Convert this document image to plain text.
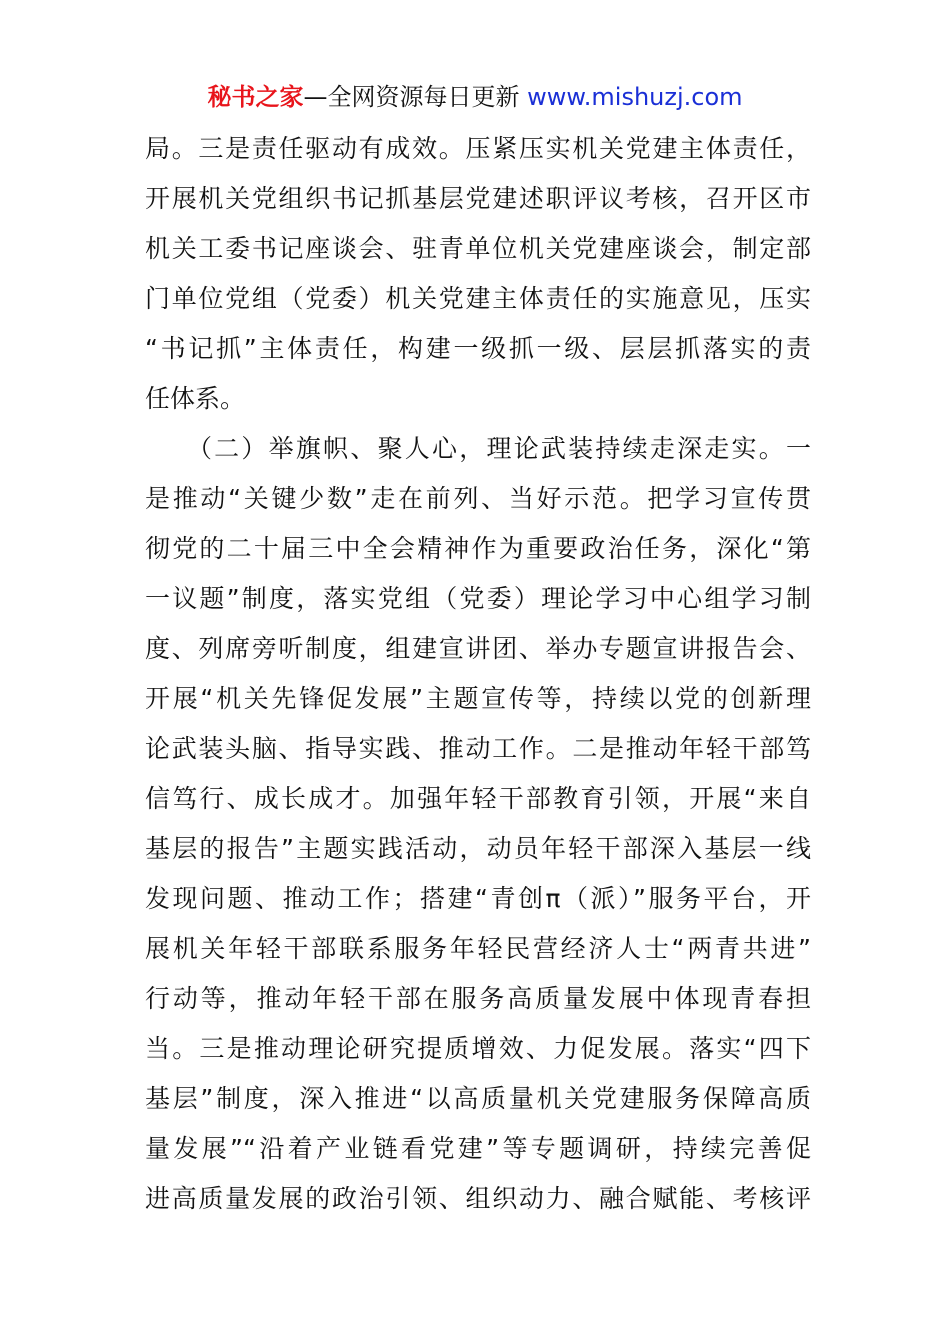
秘书之家—全网资源每日更新 www.mishuzj.com
局。三是责任驱动有成效。压紧压实机关党建主体责任，
开展机关党组织书记抓基层党建述职评议考核，召开区市
机关工委书记座谈会、驻青单位机关党建座谈会，制定部
门单位党组（党委）机关党建主体责任的实施意见，压实
“书记抓”主体责任，构建一级抓一级、层层抓落实的责
任体系。
　　（二）举旗帜、聚人心，理论武装持续走深走实。一
是推动“关键少数”走在前列、当好示范。把学习宣传贯
彻党的二十届三中全会精神作为重要政治任务，深化“第
一议题”制度，落实党组（党委）理论学习中心组学习制
度、列席旁听制度，组建宣讲团、举办专题宣讲报告会、
开展“机关先锋促发展”主题宣传等，持续以党的创新理
论武装头脑、指导实践、推动工作。二是推动年轻干部笃
信笃行、成长成才。加强年轻干部教育引领，开展“来自
基层的报告”主题实践活动，动员年轻干部深入基层一线
发现问题、推动工作；搭建“青创π（派）”服务平台，开
展机关年轻干部联系服务年轻民营经济人士“两青共进”
行动等，推动年轻干部在服务高质量发展中体现青春担
当。三是推动理论研究提质增效、力促发展。落实“四下
基层”制度，深入推进“以高质量机关党建服务保障高质
量发展”“沿着产业链看党建”等专题调研，持续完善促
进高质量发展的政治引领、组织动力、融合赋能、考核评
